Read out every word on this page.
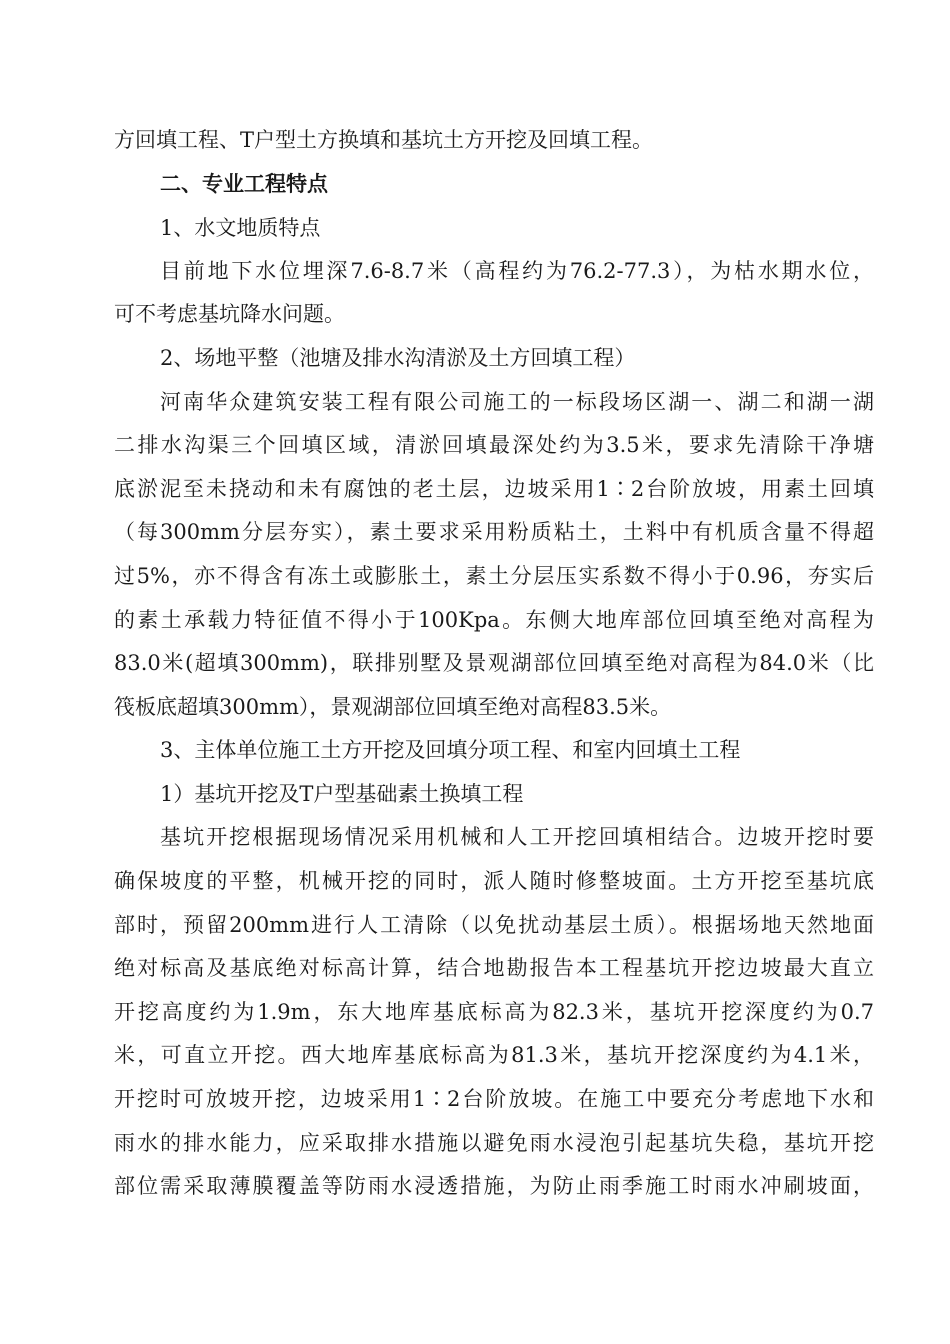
方回填工程、T户型土方换填和基坑土方开挖及回填工程。
二、专业工程特点
1、水文地质特点
目前地下水位埋深7.6-8.7米（高程约为76.2-77.3），为枯水期水位，
可不考虑基坑降水问题。
2、场地平整（池塘及排水沟清淤及土方回填工程）
河南华众建筑安装工程有限公司施工的一标段场区湖一、湖二和湖一湖
二排水沟渠三个回填区域，清淤回填最深处约为3.5米，要求先清除干净塘
底淤泥至未挠动和未有腐蚀的老土层，边坡采用1∶2台阶放坡，用素土回填
（每300mm分层夯实），素土要求采用粉质粘土，土料中有机质含量不得超
过5%，亦不得含有冻土或膨胀土，素土分层压实系数不得小于0.96，夯实后
的素土承载力特征值不得小于100Kpa。东侧大地库部位回填至绝对高程为
83.0米(超填300mm)，联排别墅及景观湖部位回填至绝对高程为84.0米（比
筏板底超填300mm），景观湖部位回填至绝对高程83.5米。
3、主体单位施工土方开挖及回填分项工程、和室内回填土工程
1）基坑开挖及T户型基础素土换填工程
基坑开挖根据现场情况采用机械和人工开挖回填相结合。边坡开挖时要
确保坡度的平整，机械开挖的同时，派人随时修整坡面。土方开挖至基坑底
部时，预留200mm进行人工清除（以免扰动基层土质）。根据场地天然地面
绝对标高及基底绝对标高计算，结合地勘报告本工程基坑开挖边坡最大直立
开挖高度约为1.9m，东大地库基底标高为82.3米，基坑开挖深度约为0.7
米，可直立开挖。西大地库基底标高为81.3米，基坑开挖深度约为4.1米，
开挖时可放坡开挖，边坡采用1∶2台阶放坡。在施工中要充分考虑地下水和
雨水的排水能力，应采取排水措施以避免雨水浸泡引起基坑失稳，基坑开挖
部位需采取薄膜覆盖等防雨水浸透措施，为防止雨季施工时雨水冲刷坡面，
